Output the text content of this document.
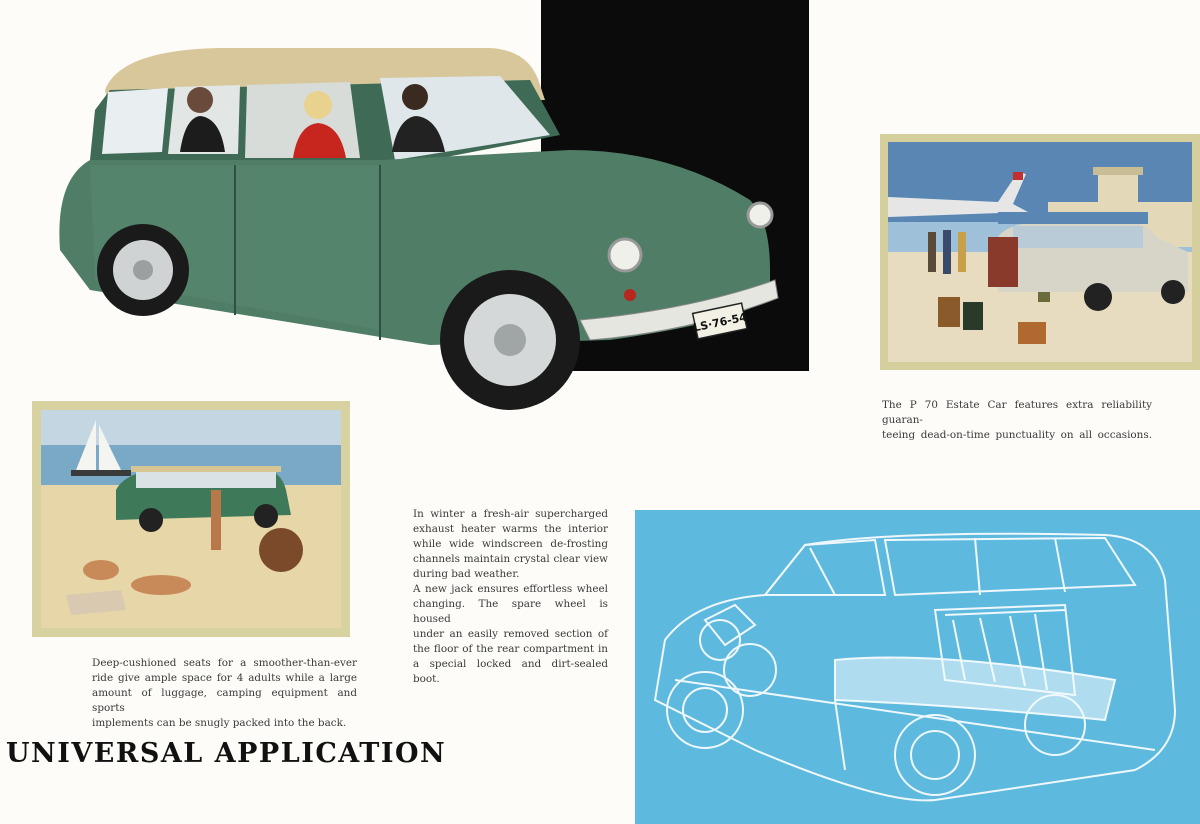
LS·76-54
The P 70 Estate Car features extra reliability guaran-
teeing dead-on-time punctuality on all occasions.
Deep-cushioned seats for a smoother-than-ever
ride give ample space for 4 adults while a large
amount of luggage, camping equipment and sports
implements can be snugly packed into the back.
In winter a fresh-air supercharged
exhaust heater warms the interior
while wide windscreen de-frosting
channels maintain crystal clear view
during bad weather.
A new jack ensures effortless wheel
changing. The spare wheel is housed
under an easily removed section of
the floor of the rear compartment in
a special locked and dirt-sealed boot.
UNIVERSAL APPLICATION
